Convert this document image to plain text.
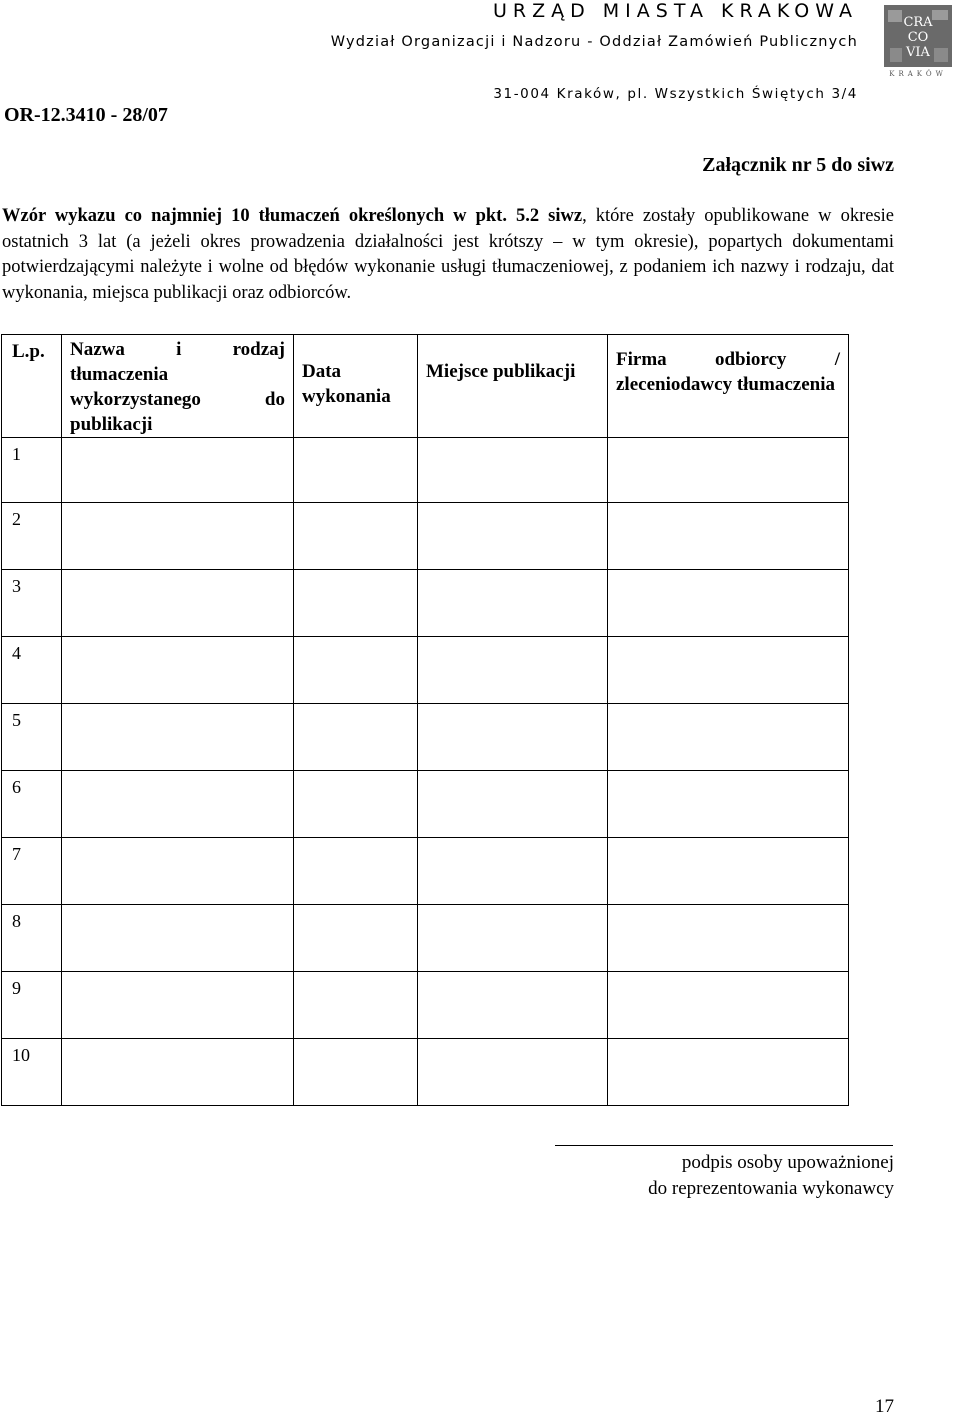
URZĄD MIASTA KRAKOWA
Wydział Organizacji i Nadzoru - Oddział Zamówień Publicznych
31-004 Kraków, pl. Wszystkich Świętych 3/4
CRA
CO
VIA
KRAKÓW
OR-12.3410 - 28/07
Załącznik nr 5 do siwz
Wzór wykazu co najmniej 10 tłumaczeń określonych w pkt. 5.2 siwz, które zostały opublikowane w okresie ostatnich 3 lat (a jeżeli okres prowadzenia działalności jest krótszy – w tym okresie), popartych dokumentami potwierdzającymi należyte i wolne od błędów wykonanie usługi tłumaczeniowej, z podaniem ich nazwy i rodzaju, dat wykonania, miejsca publikacji oraz odbiorców.
L.p.	Nazwa i rodzaj tłumaczenia wykorzystanego do publikacji	Data wykonania	Miejsce publikacji	Firma odbiorcy / zleceniodawcy tłumaczenia
1				
2				
3				
4				
5				
6				
7				
8				
9				
10				
podpis osoby upoważnionej
do reprezentowania wykonawcy
17
